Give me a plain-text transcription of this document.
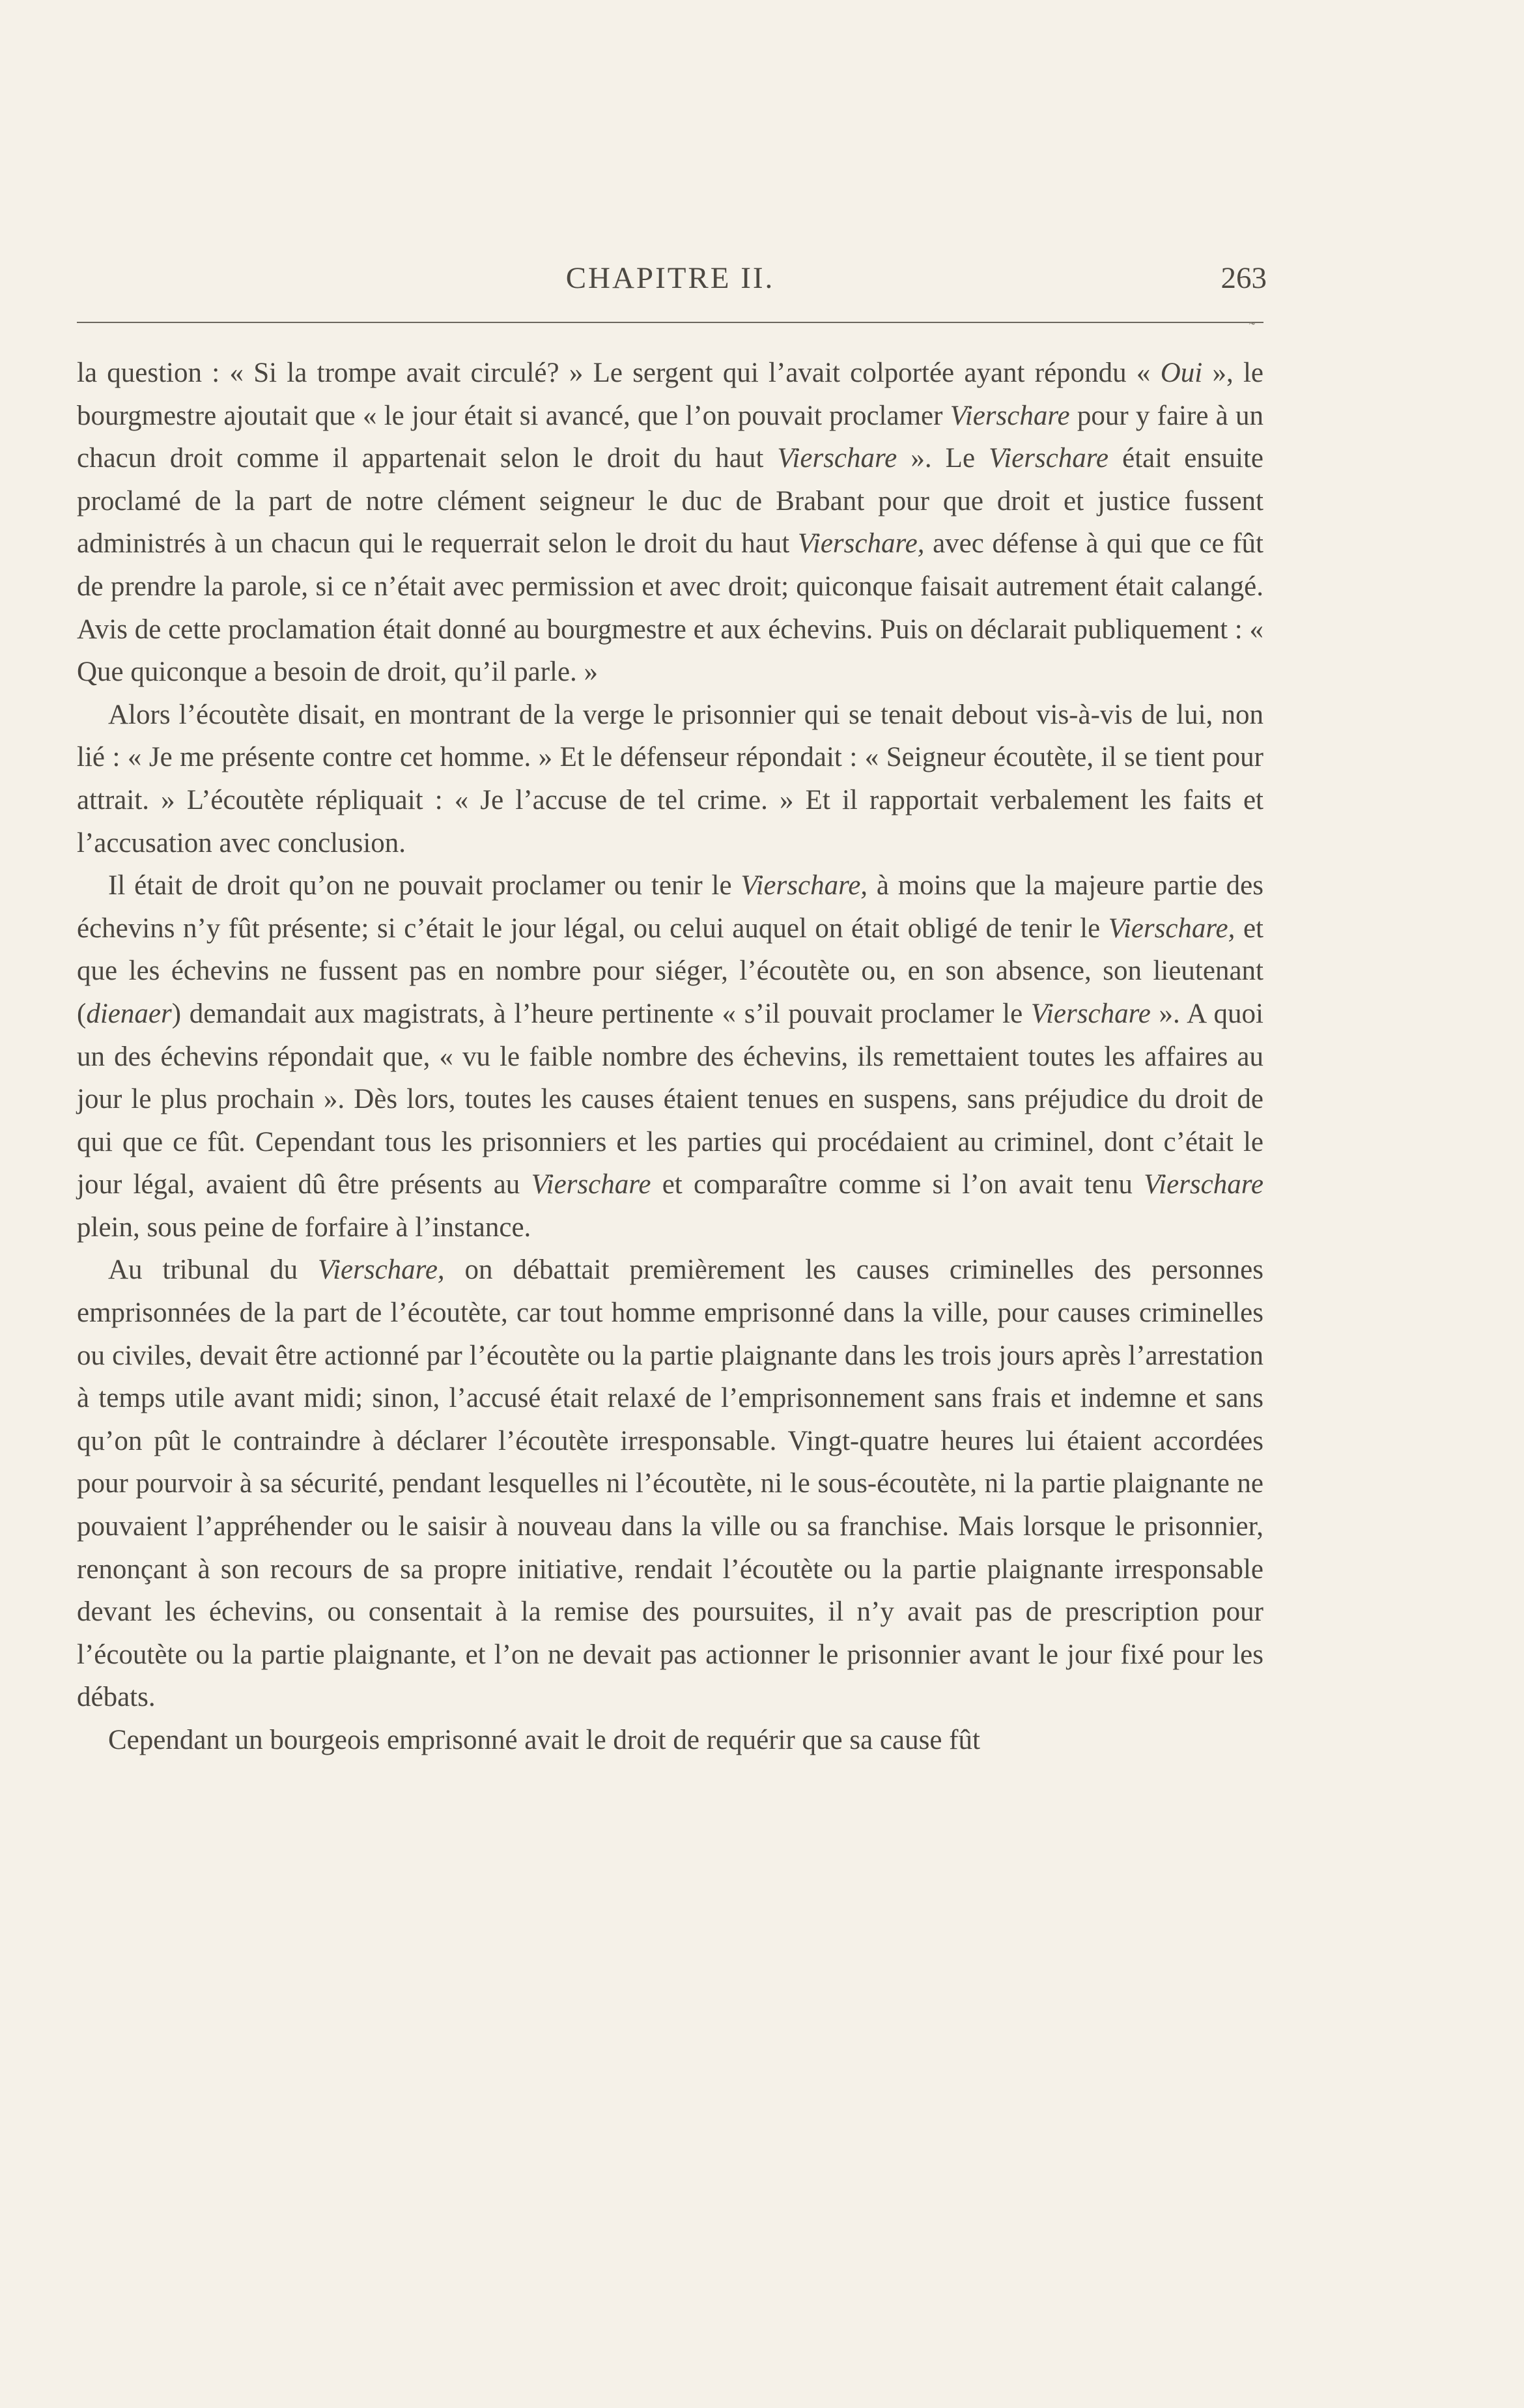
CHAPITRE II.	263
˜

la question : « Si la trompe avait circulé? » Le sergent qui l’avait colportée ayant répondu « Oui », le bourgmestre ajoutait que « le jour était si avancé, que l’on pouvait proclamer Vierschare pour y faire à un chacun droit comme il appartenait selon le droit du haut Vierschare ». Le Vierschare était ensuite proclamé de la part de notre clément seigneur le duc de Brabant pour que droit et justice fussent administrés à un chacun qui le requerrait selon le droit du haut Vierschare, avec défense à qui que ce fût de prendre la parole, si ce n’était avec permission et avec droit; quiconque faisait autrement était calangé. Avis de cette proclamation était donné au bourgmestre et aux échevins. Puis on déclarait publiquement : « Que quiconque a besoin de droit, qu’il parle. »

Alors l’écoutète disait, en montrant de la verge le prisonnier qui se tenait debout vis-à-vis de lui, non lié : « Je me présente contre cet homme. » Et le défenseur répondait : « Seigneur écoutète, il se tient pour attrait. » L’écoutète répliquait : « Je l’accuse de tel crime. » Et il rapportait verbalement les faits et l’accusation avec conclusion.

Il était de droit qu’on ne pouvait proclamer ou tenir le Vierschare, à moins que la majeure partie des échevins n’y fût présente; si c’était le jour légal, ou celui auquel on était obligé de tenir le Vierschare, et que les échevins ne fussent pas en nombre pour siéger, l’écoutète ou, en son absence, son lieutenant (dienaer) demandait aux magistrats, à l’heure pertinente « s’il pouvait proclamer le Vierschare ». A quoi un des échevins répondait que, « vu le faible nombre des échevins, ils remettaient toutes les affaires au jour le plus prochain ». Dès lors, toutes les causes étaient tenues en suspens, sans préjudice du droit de qui que ce fût. Cependant tous les prisonniers et les parties qui procédaient au criminel, dont c’était le jour légal, avaient dû être présents au Vierschare et comparaître comme si l’on avait tenu Vierschare plein, sous peine de forfaire à l’instance.

Au tribunal du Vierschare, on débattait premièrement les causes criminelles des personnes emprisonnées de la part de l’écoutète, car tout homme emprisonné dans la ville, pour causes criminelles ou civiles, devait être actionné par l’écoutète ou la partie plaignante dans les trois jours après l’arrestation à temps utile avant midi; sinon, l’accusé était relaxé de l’emprisonnement sans frais et indemne et sans qu’on pût le contraindre à déclarer l’écoutète irresponsable. Vingt-quatre heures lui étaient accordées pour pourvoir à sa sécurité, pendant lesquelles ni l’écoutète, ni le sous-écoutète, ni la partie plaignante ne pouvaient l’appréhender ou le saisir à nouveau dans la ville ou sa franchise. Mais lorsque le prisonnier, renonçant à son recours de sa propre initiative, rendait l’écoutète ou la partie plaignante irresponsable devant les échevins, ou consentait à la remise des poursuites, il n’y avait pas de prescription pour l’écoutète ou la partie plaignante, et l’on ne devait pas actionner le prisonnier avant le jour fixé pour les débats.

Cependant un bourgeois emprisonné avait le droit de requérir que sa cause fût
